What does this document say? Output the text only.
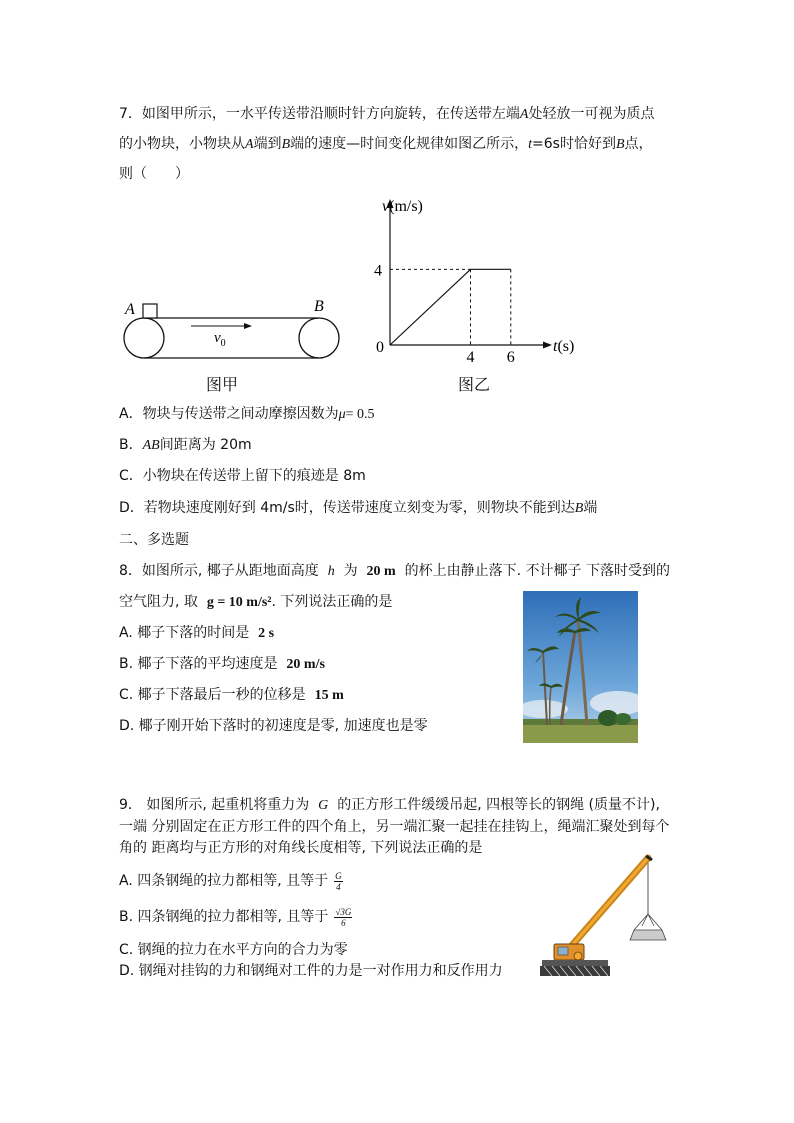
7．如图甲所示，一水平传送带沿顺时针方向旋转，在传送带左端A处轻放一可视为质点
的小物块，小物块从A端到B端的速度—时间变化规律如图乙所示，t=6s时恰好到B点，
则（　　）
A	B
$v_0$
图甲
v(m/s)
t(s)
0
4 6
4
图乙
A．物块与传送带之间动摩擦因数为μ= 0.5
B．AB间距离为 20m
C．小物块在传送带上留下的痕迹是 8m
D．若物块速度刚好到 4m/s时，传送带速度立刻变为零，则物块不能到达B端
二、多选题
8．如图所示, 椰子从距地面高度 h 为 20 m 的杯上由静止落下. 不计椰子 下落时受到的
空气阻力, 取 g = 10 m/s². 下列说法正确的是
A. 椰子下落的时间是 2 s
B. 椰子下落的平均速度是 20 m/s
C. 椰子下落最后一秒的位移是 15 m
D. 椰子刚开始下落时的初速度是零, 加速度也是零
9． 如图所示, 起重机将重力为 G 的正方形工件缓缓吊起, 四根等长的钢绳 (质量不计),
一端 分别固定在正方形工件的四个角上，另一端汇聚一起挂在挂钩上，绳端汇聚处到每个
角的 距离均与正方形的对角线长度相等, 下列说法正确的是
A. 四条钢绳的拉力都相等, 且等于 $\frac{G}{4}$
B. 四条钢绳的拉力都相等, 且等于 $\frac{√3G}{6}$
C. 钢绳的拉力在水平方向的合力为零
D. 钢绳对挂钩的力和钢绳对工件的力是一对作用力和反作用力
